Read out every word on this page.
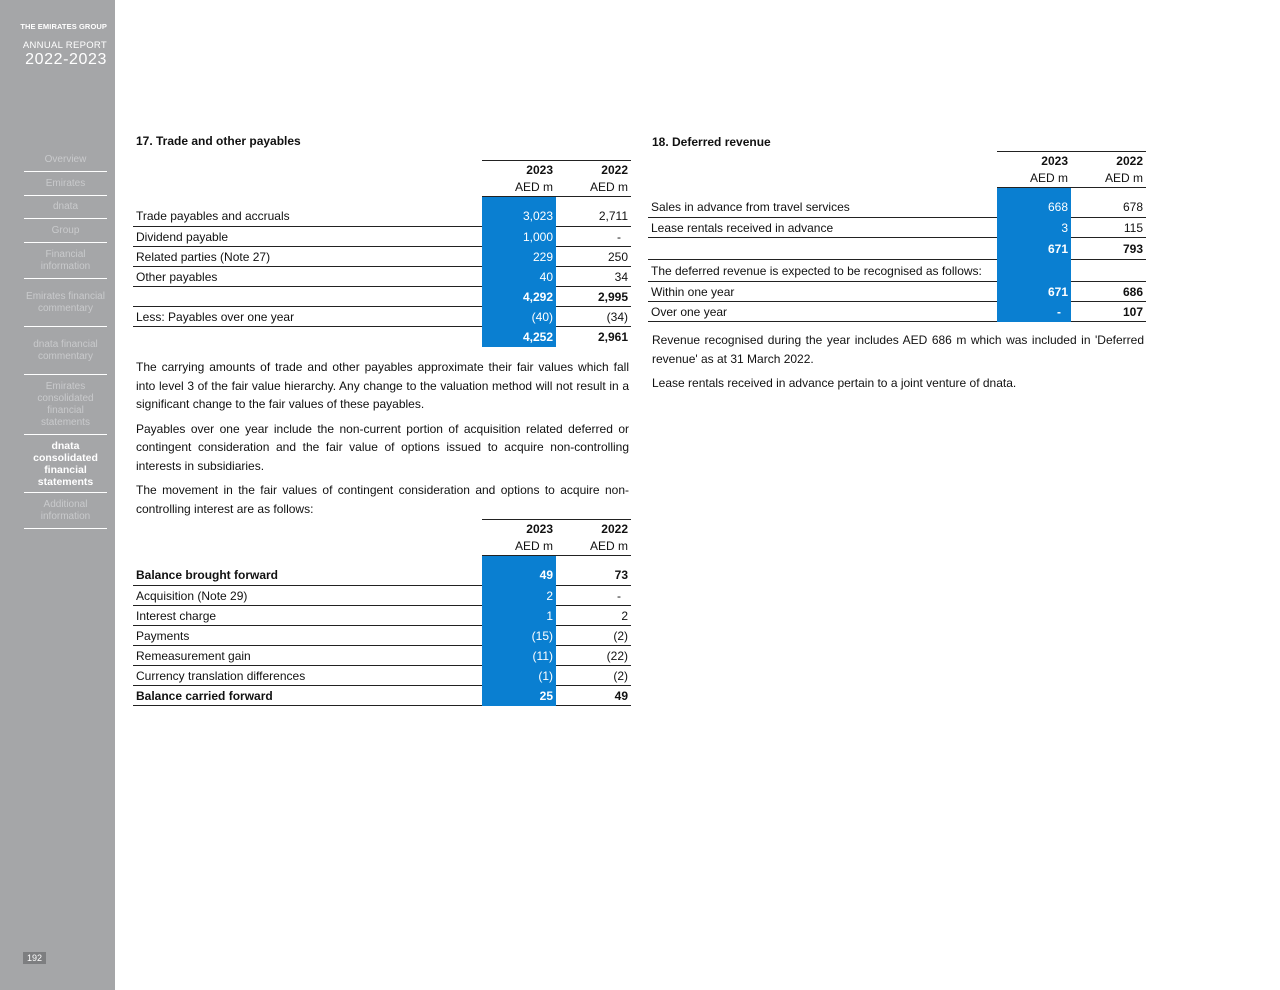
THE EMIRATES GROUP
ANNUAL REPORT
2022-2023
Overview
Emirates
dnata
Group
Financial information
Emirates financial commentary
dnata financial commentary
Emirates consolidated financial statements
dnata consolidated financial statements
Additional information
192
17. Trade and other payables
	2023	2022
	AED m	AED m

Trade payables and accruals	3,023	2,711
Dividend payable	1,000	-
Related parties (Note 27)	229	250
Other payables	40	34
	4,292	2,995
Less: Payables over one year	(40)	(34)
	4,252	2,961

The carrying amounts of trade and other payables approximate their fair values which fall into level 3 of the fair value hierarchy. Any change to the valuation method will not result in a significant change to the fair values of these payables.

Payables over one year include the non-current portion of acquisition related deferred or contingent consideration and the fair value of options issued to acquire non-controlling interests in subsidiaries.

The movement in the fair values of contingent consideration and options to acquire non-controlling interest are as follows:

	2023	2022
	AED m	AED m

Balance brought forward	49	73
Acquisition (Note 29)	2	-
Interest charge	1	2
Payments	(15)	(2)
Remeasurement gain	(11)	(22)
Currency translation differences	(1)	(2)
Balance carried forward	25	49
18. Deferred revenue
	2023	2022
	AED m	AED m

Sales in advance from travel services	668	678
Lease rentals received in advance	3	115
	671	793
The deferred revenue is expected to be recognised as follows:		
Within one year	671	686
Over one year	-	107

Revenue recognised during the year includes AED 686 m which was included in 'Deferred revenue' as at 31 March 2022.

Lease rentals received in advance pertain to a joint venture of dnata.
